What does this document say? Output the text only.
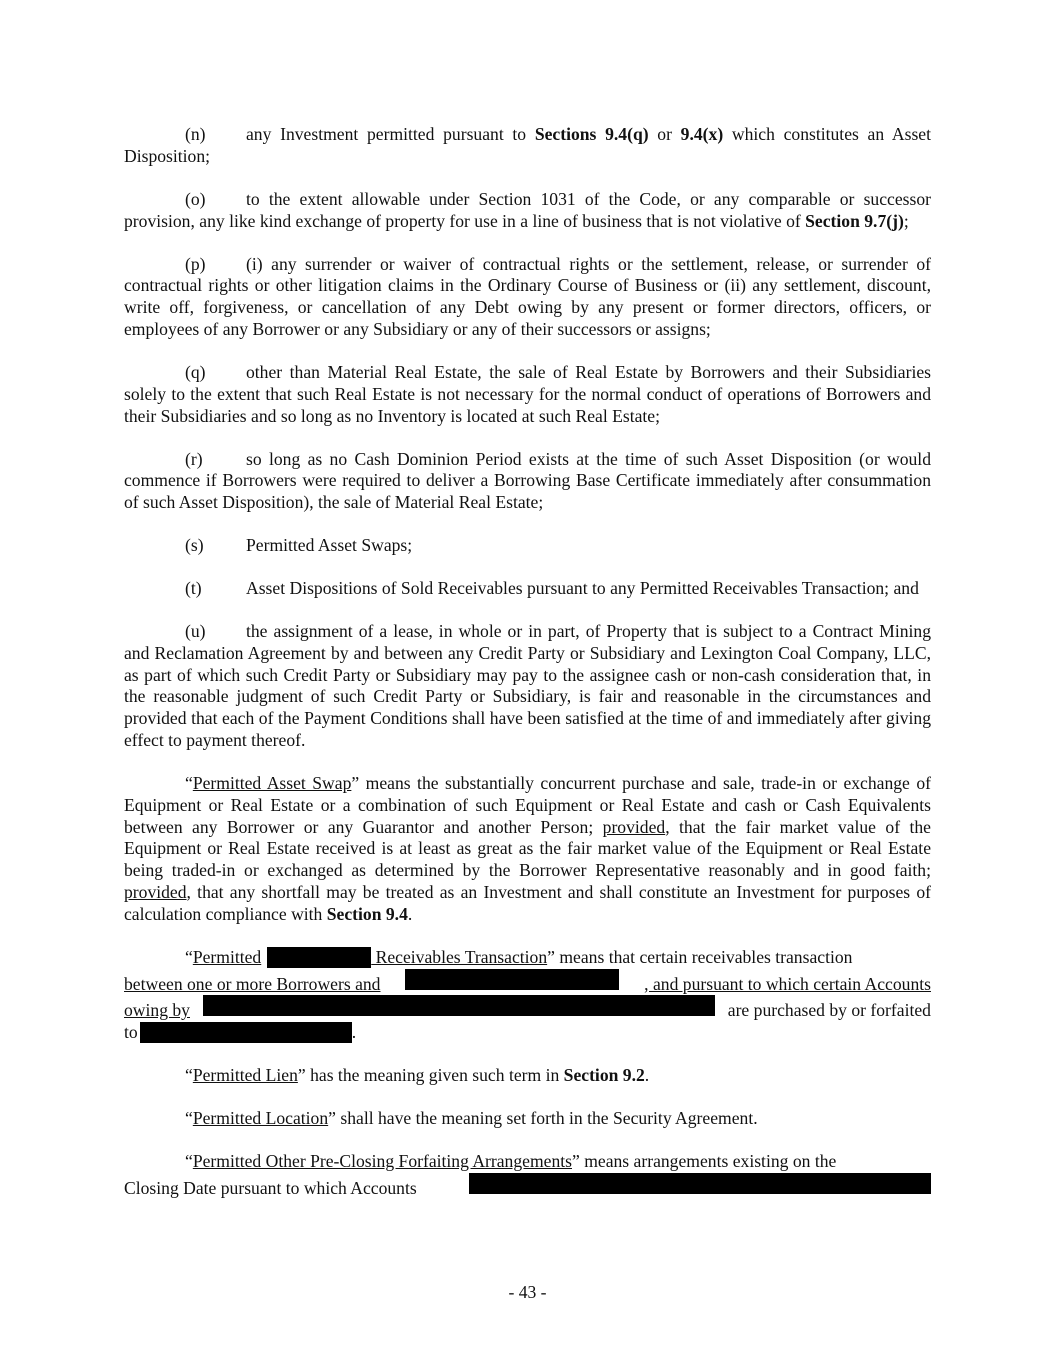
(n) any Investment permitted pursuant to Sections 9.4(q) or 9.4(x) which constitutes an Asset Disposition;

(o) to the extent allowable under Section 1031 of the Code, or any comparable or successor provision, any like kind exchange of property for use in a line of business that is not violative of Section 9.7(j);

(p) (i) any surrender or waiver of contractual rights or the settlement, release, or surrender of contractual rights or other litigation claims in the Ordinary Course of Business or (ii) any settlement, discount, write off, forgiveness, or cancellation of any Debt owing by any present or former directors, officers, or employees of any Borrower or any Subsidiary or any of their successors or assigns;

(q) other than Material Real Estate, the sale of Real Estate by Borrowers and their Subsidiaries solely to the extent that such Real Estate is not necessary for the normal conduct of operations of Borrowers and their Subsidiaries and so long as no Inventory is located at such Real Estate;

(r) so long as no Cash Dominion Period exists at the time of such Asset Disposition (or would commence if Borrowers were required to deliver a Borrowing Base Certificate immediately after consummation of such Asset Disposition), the sale of Material Real Estate;

(s) Permitted Asset Swaps;

(t)	Asset Dispositions of Sold Receivables pursuant to any Permitted Receivables Transaction; and

(u) the assignment of a lease, in whole or in part, of Property that is subject to a Contract Mining and Reclamation Agreement by and between any Credit Party or Subsidiary and Lexington Coal Company, LLC, as part of which such Credit Party or Subsidiary may pay to the assignee cash or non-cash consideration that, in the reasonable judgment of such Credit Party or Subsidiary, is fair and reasonable in the circumstances and provided that each of the Payment Conditions shall have been satisfied at the time of and immediately after giving effect to payment thereof.

“Permitted Asset Swap” means the substantially concurrent purchase and sale, trade-in or exchange of Equipment or Real Estate or a combination of such Equipment or Real Estate and cash or Cash Equivalents between any Borrower or any Guarantor and another Person; provided, that the fair market value of the Equipment or Real Estate received is at least as great as the fair market value of the Equipment or Real Estate being traded-in or exchanged as determined by the Borrower Representative reasonably and in good faith; provided, that any shortfall may be treated as an Investment and shall constitute an Investment for purposes of calculation compliance with Section 9.4.

“Permitted	Receivables Transaction” means that certain receivables transaction
between one or more Borrowers and	, and pursuant to which certain Accounts
owing by	are purchased by or forfaited
to	.

“Permitted Lien” has the meaning given such term in Section 9.2.

“Permitted Location” shall have the meaning set forth in the Security Agreement.

“Permitted Other Pre-Closing Forfaiting Arrangements” means arrangements existing on the
Closing Date pursuant to which Accounts
- 43 -
